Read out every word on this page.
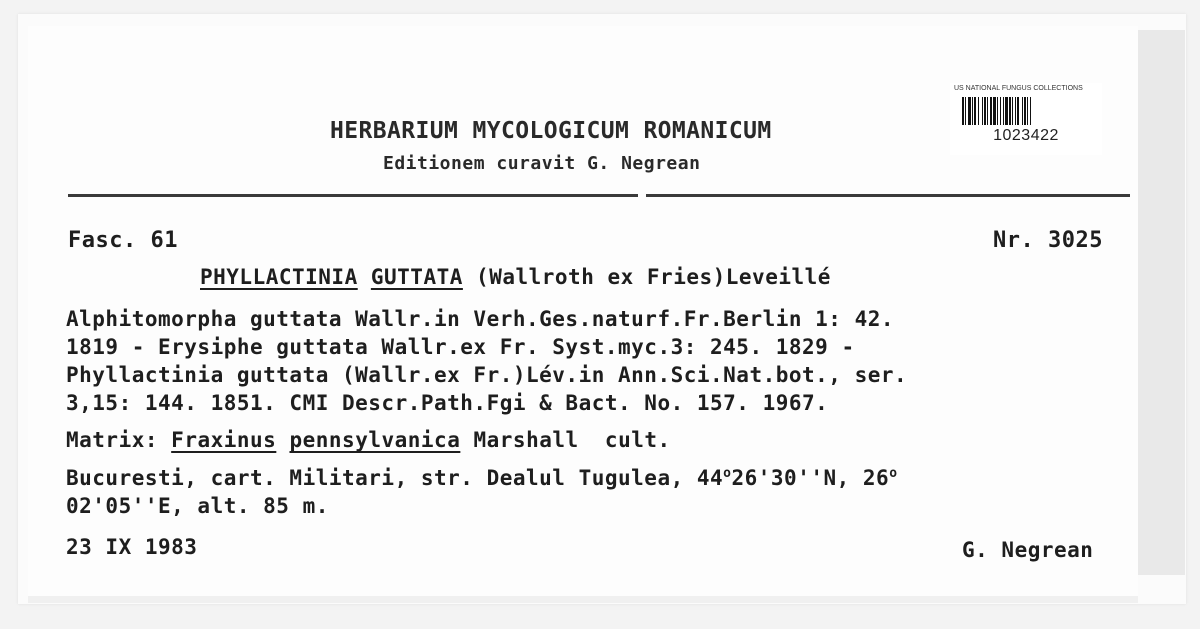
HERBARIUM MYCOLOGICUM ROMANICUM
Editionem curavit G. Negrean
US NATIONAL FUNGUS COLLECTIONS
1023422
Fasc. 61	Nr. 3025
PHYLLACTINIA GUTTATA (Wallroth ex Fries)Leveillé
Alphitomorpha guttata Wallr.in Verh.Ges.naturf.Fr.Berlin 1: 42.
1819 - Erysiphe guttata Wallr.ex Fr. Syst.myc.3: 245. 1829 -
Phyllactinia guttata (Wallr.ex Fr.)Lév.in Ann.Sci.Nat.bot., ser.
3,15: 144. 1851. CMI Descr.Path.Fgi & Bact. No. 157. 1967.
Matrix: Fraxinus pennsylvanica Marshall  cult.
Bucuresti, cart. Militari, str. Dealul Tugulea, 44$^o$26'30''N, 26$^o$
02'05''E, alt. 85 m.
23 IX 1983	G. Negrean
